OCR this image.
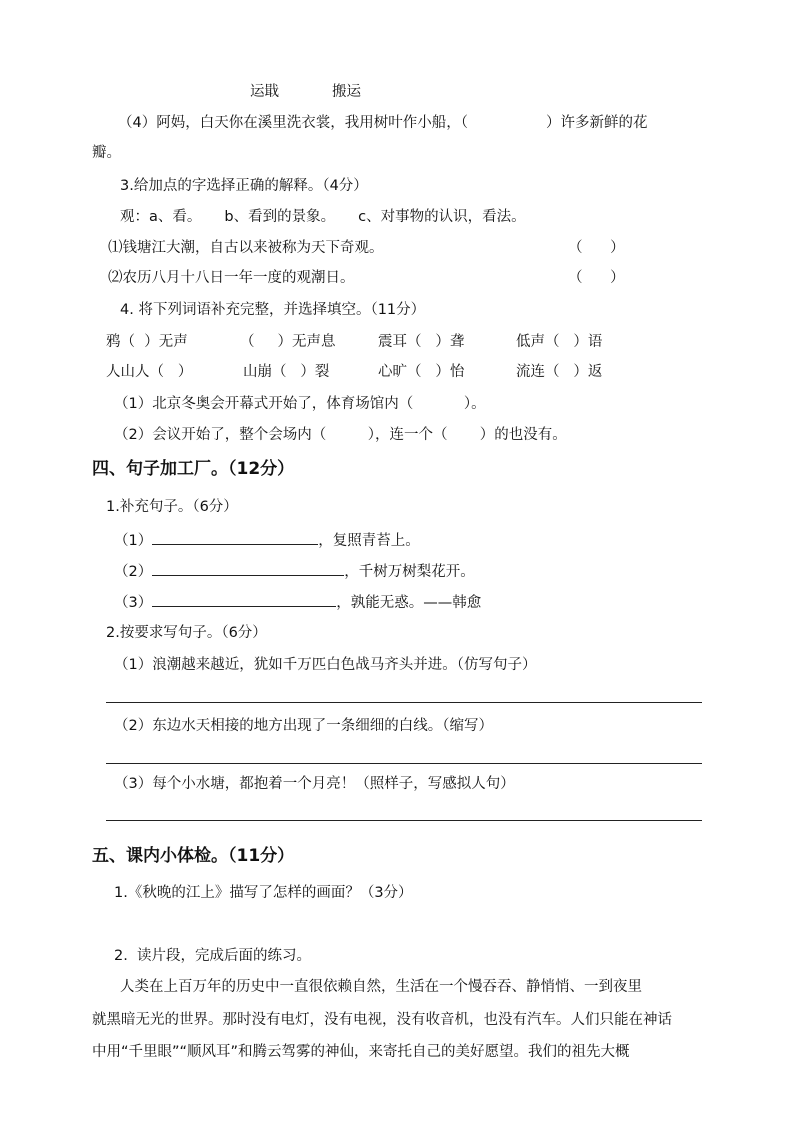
运戢	搬运
（4）阿妈，白天你在溪里洗衣裳，我用树叶作小船，（	）许多新鲜的花
瓣。
3.给加点的字选择正确的解释。（4分）
观：a、看。     b、看到的景象。     c、对事物的认识，看法。
⑴钱塘江大潮，自古以来被称为天下奇观。	（      ）
⑵农历八月十八日一年一度的观潮日。	（      ）
4. 将下列词语补充完整，并选择填空。（11分）
鸦（  ）无声	（     ）无声息	震耳（   ）聋	低声（   ）语
人山人（   ）	山崩（   ）裂	心旷（   ）怡	流连（   ）返
（1）北京冬奥会开幕式开始了，体育场馆内（           ）。
（2）会议开始了，整个会场内（         ），连一个（       ）的也没有。
四、句子加工厂。（12分）
1.补充句子。（6分）
（1）	，复照青苔上。
（2）	，千树万树梨花开。
（3）	，孰能无惑。——韩愈
2.按要求写句子。（6分）
（1）浪潮越来越近，犹如千万匹白色战马齐头并进。（仿写句子）
（2）东边水天相接的地方出现了一条细细的白线。（缩写）
（3）每个小水塘，都抱着一个月亮！（照样子，写感拟人句）
五、课内小体检。（11分）
1.《秋晚的江上》描写了怎样的画面？（3分）
2.  读片段，完成后面的练习。
人类在上百万年的历史中一直很依赖自然，生活在一个慢吞吞、静悄悄、一到夜里
就黑暗无光的世界。那时没有电灯，没有电视，没有收音机，也没有汽车。人们只能在神话
中用“千里眼”“顺风耳”和腾云驾雾的神仙，来寄托自己的美好愿望。我们的祖先大概
